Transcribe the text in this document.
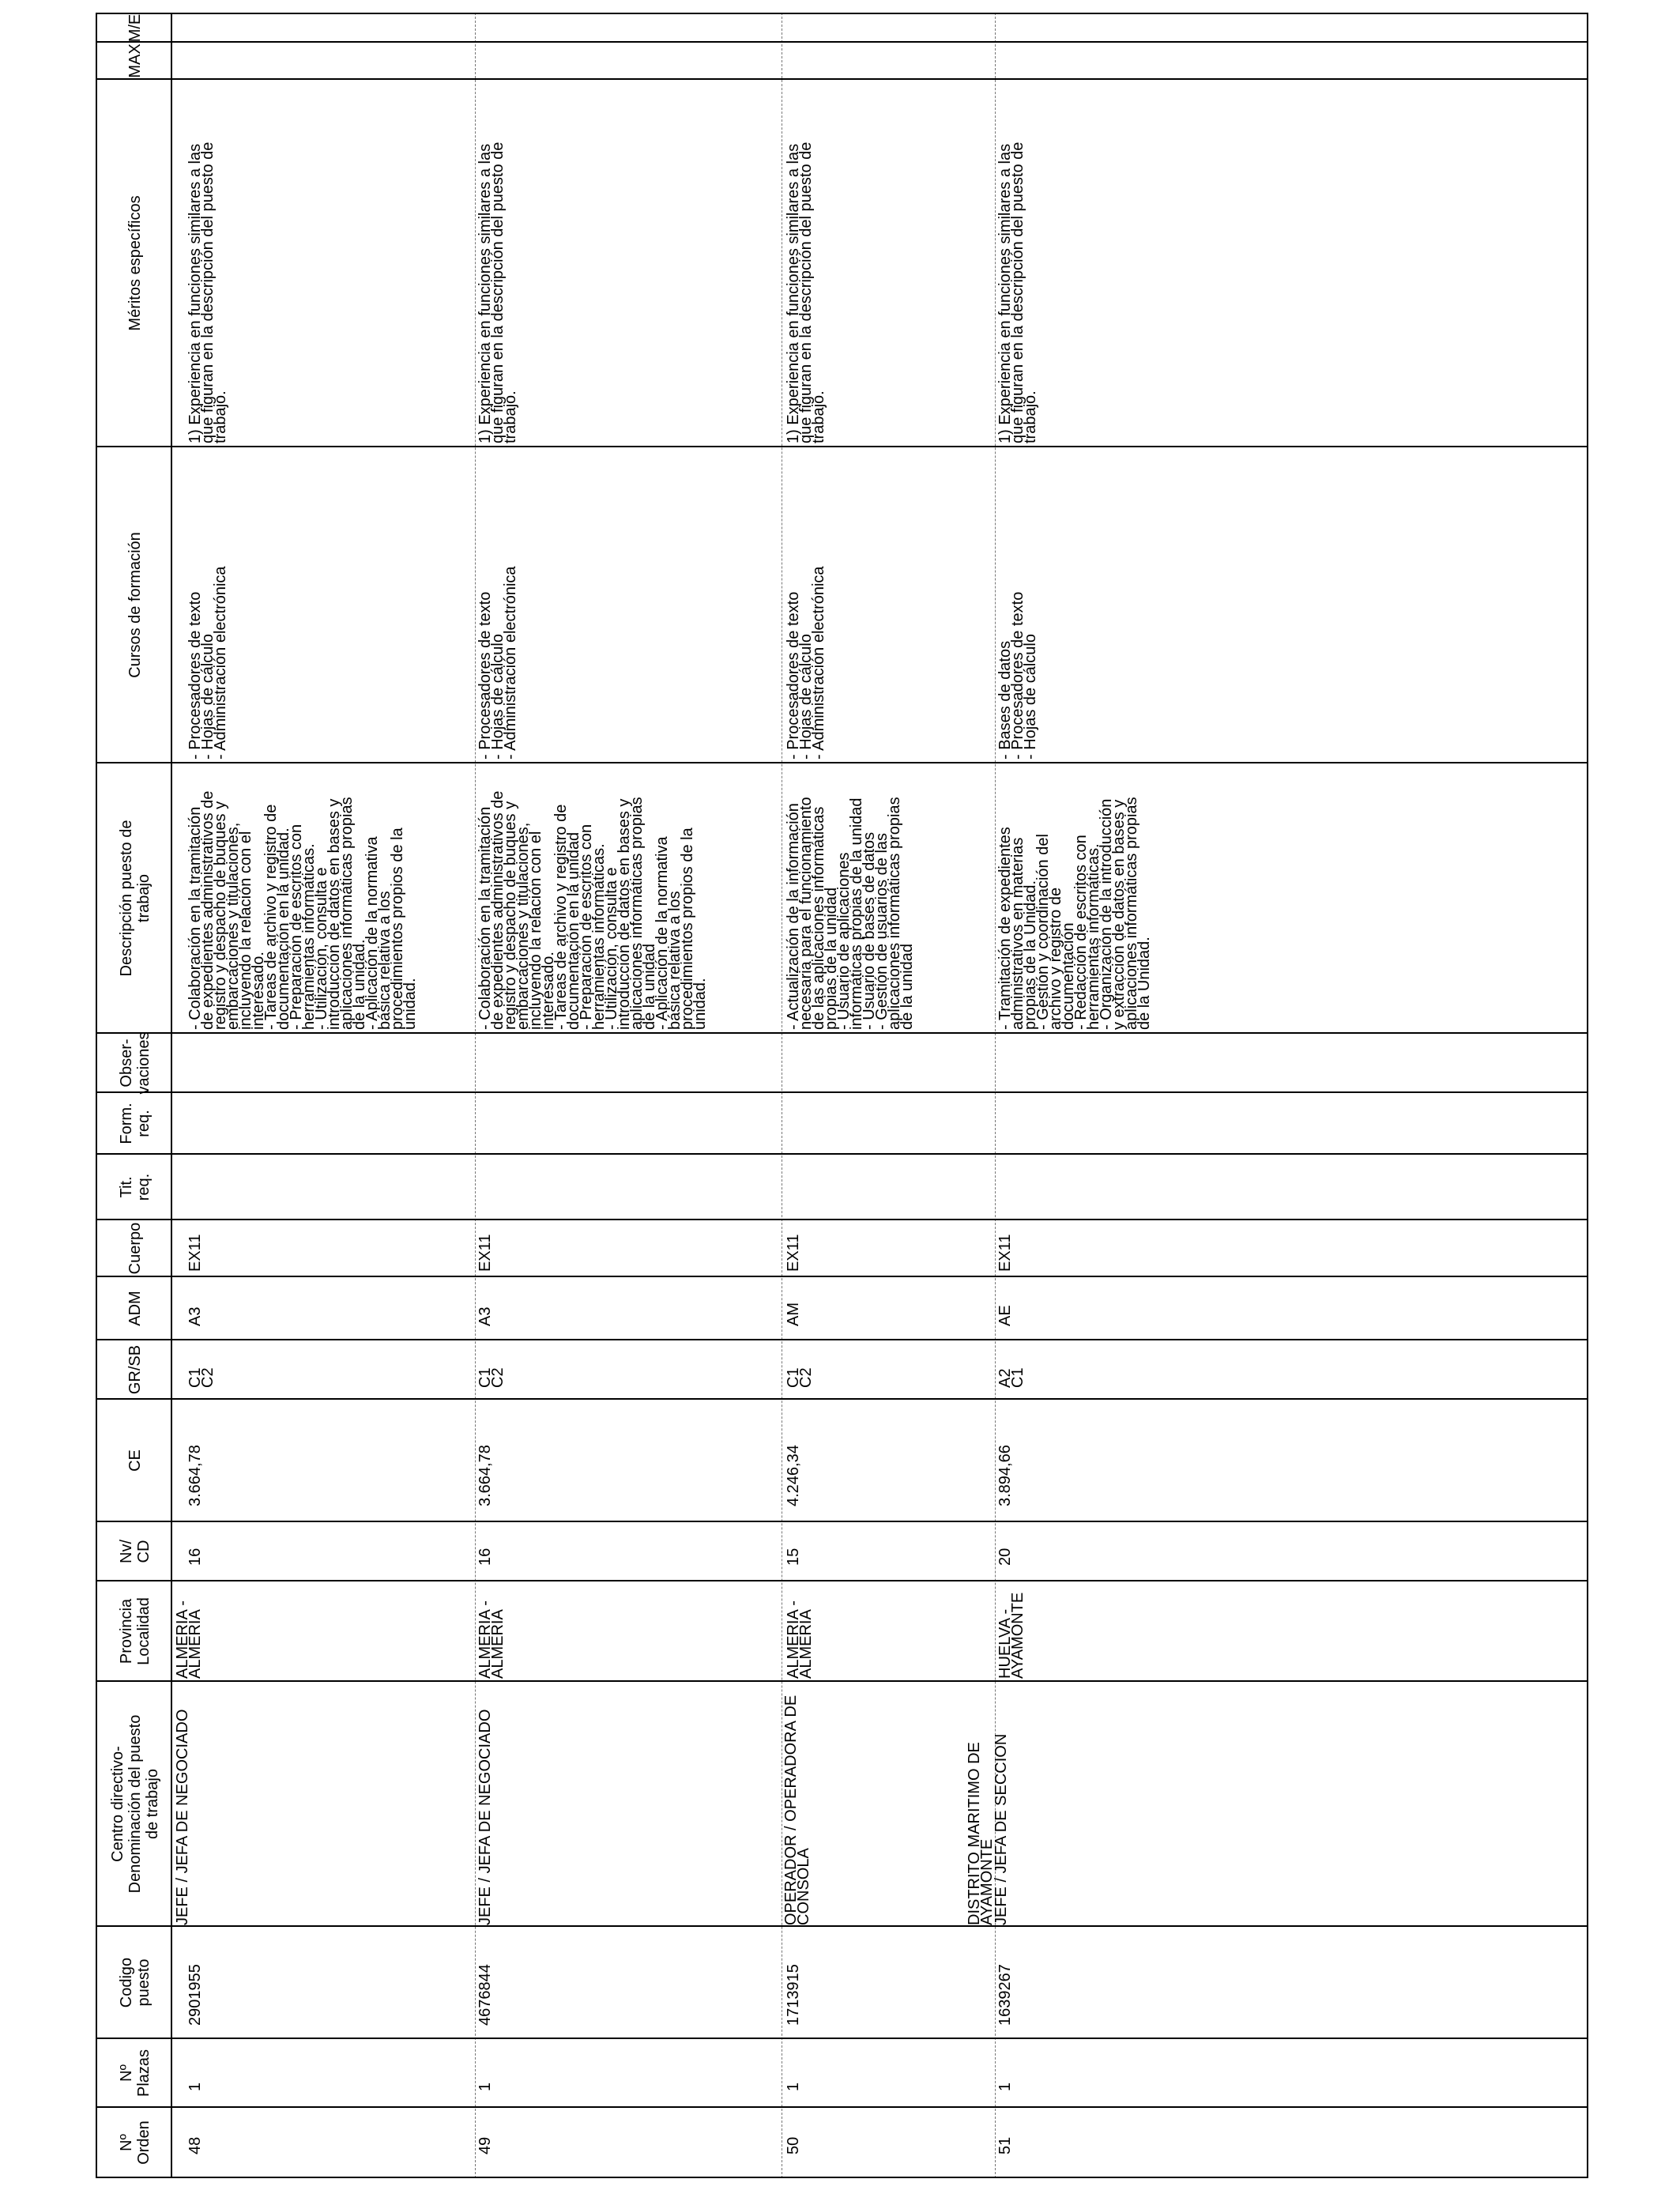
Nº
Orden
Nº
Plazas
Codigo
puesto
Centro directivo-
Denominación del puesto
de trabajo
Provincia
Localidad
Nv/
CD
CE
GR/SB
ADM
Cuerpo
Tit.
req.
Form.
req.
Obser-
vaciones
Descripción puesto de
trabajo
Cursos de formación
Méritos específicos
MAX
M/E
48
1
2901955
JEFE / JEFA DE NEGOCIADO
ALMERIA -
ALMERIA
16
3.664,78
C1
C2
A3
EX11
- Colaboración en la tramitación
de expedientes administrativos de
registro y despacho de buques y
embarcaciones y titulaciones,
incluyendo la relación con el
interesado.
- Tareas de archivo y registro de
documentación en la unidad.
- Preparación de escritos con
herramientas informáticas.
- Utilización, consulta e
introducción de datos en bases y
aplicaciones informáticas propias
de la unidad.
- Aplicación de la normativa
básica relativa a los
procedimientos propios de la
unidad.
- Procesadores de texto
- Hojas de cálculo
- Administración electrónica
1) Experiencia en funciones similares a las
que figuran en la descripción del puesto de
trabajo.
49
1
4676844
JEFE / JEFA DE NEGOCIADO
ALMERIA -
ALMERIA
16
3.664,78
C1
C2
A3
EX11
- Colaboración en la tramitación
de expedientes administrativos de
registro y despacho de buques y
embarcaciones y titulaciones,
incluyendo la relación con el
interesado.
- Tareas de archivo y registro de
documentación en la unidad
- Preparación de escritos con
herramientas informáticas.
- Utilización, consulta e
introducción de datos en bases y
aplicaciones informáticas propias
de la unidad
- Aplicación de la normativa
básica relativa a los
procedimientos propios de la
unidad.
- Procesadores de texto
- Hojas de cálculo
- Administración electrónica
1) Experiencia en funciones similares a las
que figuran en la descripción del puesto de
trabajo.
50
1
1713915
OPERADOR / OPERADORA DE
CONSOLA
ALMERIA -
ALMERIA
15
4.246,34
C1
C2
AM
EX11
- Actualización de la información
necesaria para el funcionamiento
de las aplicaciones informáticas
propias de la unidad
- Usuario de aplicaciones
informáticas propias de la unidad
- Usuario de bases de datos
- Gestión de usuarios de las
aplicaciones informáticas propias
de la unidad
- Procesadores de texto
- Hojas de cálculo
- Administración electrónica
1) Experiencia en funciones similares a las
que figuran en la descripción del puesto de
trabajo.
51
1
1639267
DISTRITO MARITIMO DE
AYAMONTE
JEFE / JEFA DE SECCION
HUELVA -
AYAMONTE
20
3.894,66
A2
C1
AE
EX11
- Tramitación de expedientes
administrativos en materias
propias de la Unidad.
- Gestión y coordinación del
archivo y registro de
documentación
- Redacción de escritos con
herramientas informáticas.
- Organización de la introducción
y extracción de datos en bases y
aplicaciones informáticas propias
de la Unidad.
- Bases de datos
- Procesadores de texto
- Hojas de cálculo
1) Experiencia en funciones similares a las
que figuran en la descripción del puesto de
trabajo.
